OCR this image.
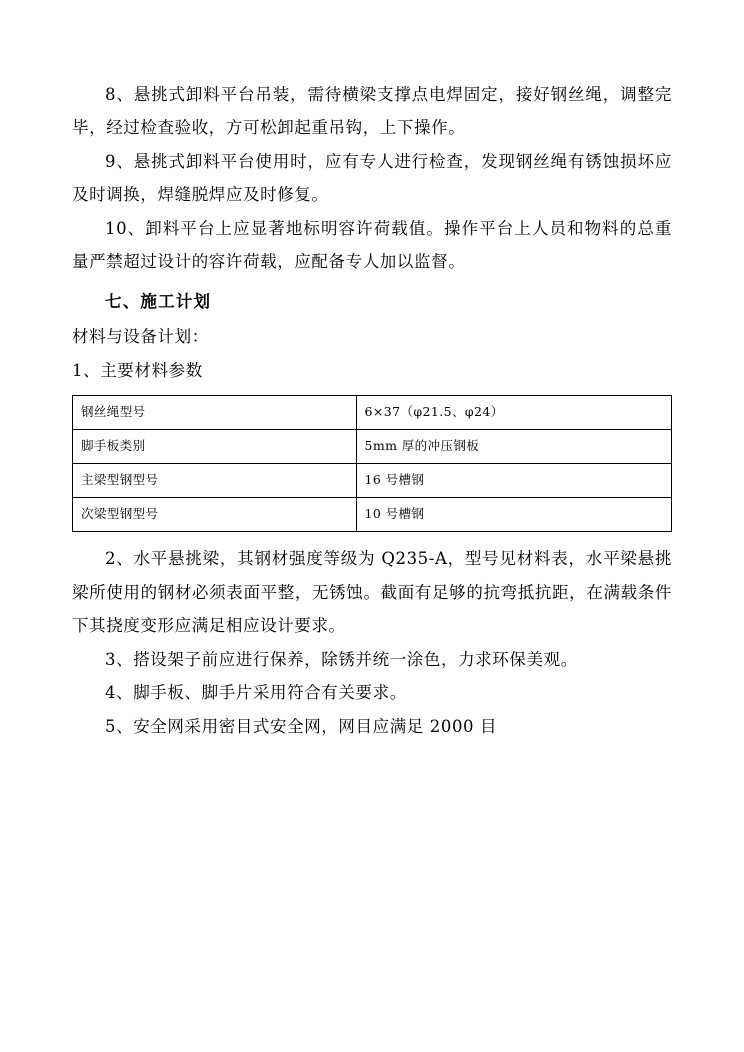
8、悬挑式卸料平台吊装，需待横梁支撑点电焊固定，接好钢丝绳，调整完毕，经过检查验收，方可松卸起重吊钩，上下操作。

9、悬挑式卸料平台使用时，应有专人进行检查，发现钢丝绳有锈蚀损坏应及时调换，焊缝脱焊应及时修复。

10、卸料平台上应显著地标明容许荷载值。操作平台上人员和物料的总重量严禁超过设计的容许荷载，应配备专人加以监督。

七、施工计划

材料与设备计划：

1、主要材料参数

钢丝绳型号	6×37（φ21.5、φ24）
脚手板类别	5mm 厚的冲压钢板
主梁型钢型号	16 号槽钢
次梁型钢型号	10 号槽钢

2、水平悬挑梁，其钢材强度等级为 Q235-A，型号见材料表，水平梁悬挑梁所使用的钢材必须表面平整，无锈蚀。截面有足够的抗弯抵抗距，在满载条件下其挠度变形应满足相应设计要求。

3、搭设架子前应进行保养，除锈并统一涂色，力求环保美观。

4、脚手板、脚手片采用符合有关要求。

5、安全网采用密目式安全网，网目应满足 2000 目
